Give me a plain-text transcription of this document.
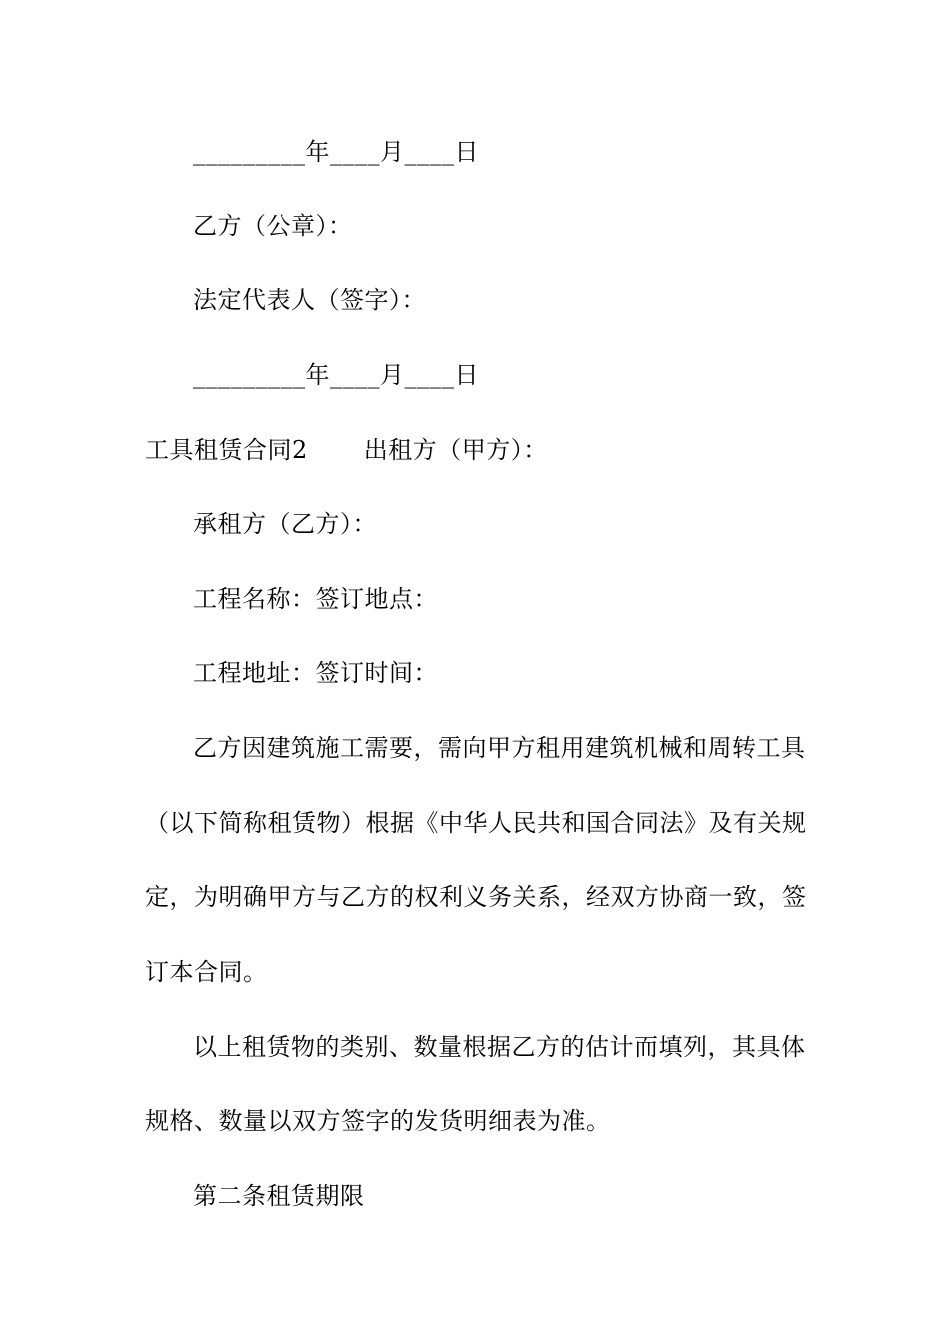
_________年____月____日
乙方（公章）：
法定代表人（签字）：
_________年____月____日
工具租赁合同2 出租方（甲方）：
承租方（乙方）：
工程名称：签订地点：
工程地址：签订时间：
乙方因建筑施工需要，需向甲方租用建筑机械和周转工具
（以下简称租赁物）根据《中华人民共和国合同法》及有关规
定，为明确甲方与乙方的权利义务关系，经双方协商一致，签
订本合同。
以上租赁物的类别、数量根据乙方的估计而填列，其具体
规格、数量以双方签字的发货明细表为准。
第二条租赁期限
